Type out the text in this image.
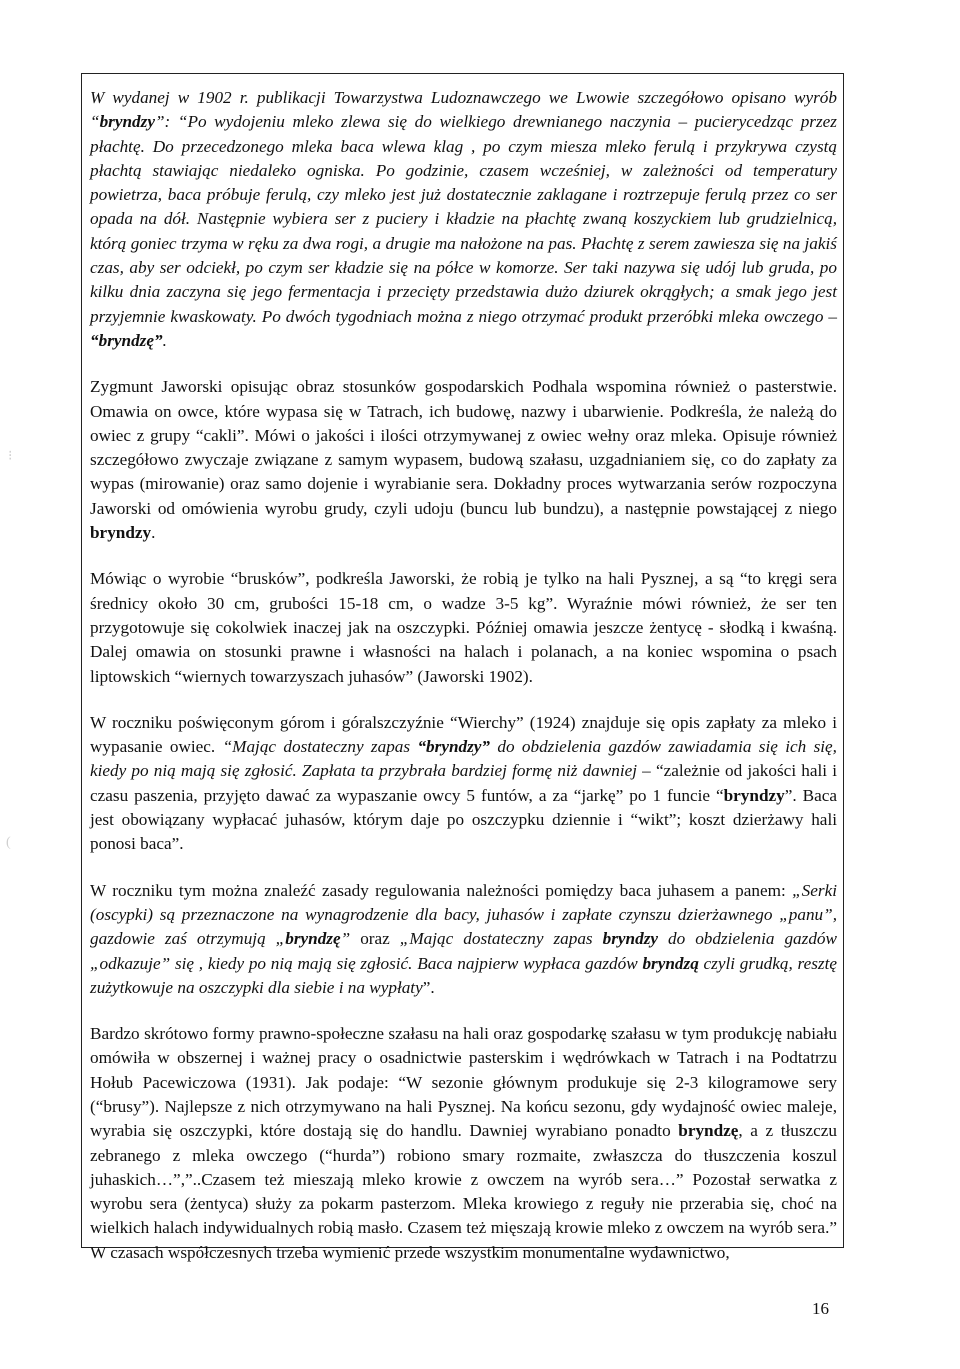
W wydanej w 1902 r. publikacji Towarzystwa Ludoznawczego we Lwowie szczegółowo opisano wyrób “bryndzy”: “Po wydojeniu mleko zlewa się do wielkiego drewnianego naczynia – pucierycedząc przez płachtę. Do przecedzonego mleka baca wlewa klag , po czym miesza mleko ferulą i przykrywa czystą płachtą stawiając niedaleko ogniska. Po godzinie, czasem wcześniej, w zależności od temperatury powietrza, baca próbuje ferulą, czy mleko jest już dostatecznie zaklagane i roztrzepuje ferulą przez co ser opada na dół. Następnie wybiera ser z puciery i kładzie na płachtę zwaną koszyckiem lub grudzielnicą, którą goniec trzyma w ręku za dwa rogi, a drugie ma nałożone na pas. Płachtę z serem zawiesza się na jakiś czas, aby ser odciekł, po czym ser kładzie się na półce w komorze. Ser taki nazywa się udój lub gruda, po kilku dnia zaczyna się jego fermentacja i przecięty przedstawia dużo dziurek okrągłych; a smak jego jest przyjemnie kwaskowaty. Po dwóch tygodniach można z niego otrzymać produkt przeróbki mleka owczego – “bryndzę”.

Zygmunt Jaworski opisując obraz stosunków gospodarskich Podhala wspomina również o pasterstwie. Omawia on owce, które wypasa się w Tatrach, ich budowę, nazwy i ubarwienie. Podkreśla, że należą do owiec z grupy “cakli”. Mówi o jakości i ilości otrzymywanej z owiec wełny oraz mleka. Opisuje również szczegółowo zwyczaje związane z samym wypasem, budową szałasu, uzgadnianiem się, co do zapłaty za wypas (mirowanie) oraz samo dojenie i wyrabianie sera. Dokładny proces wytwarzania serów rozpoczyna Jaworski od omówienia wyrobu grudy, czyli udoju (buncu lub bundzu), a następnie powstającej z niego bryndzy.

Mówiąc o wyrobie “brusków”, podkreśla Jaworski, że robią je tylko na hali Pysznej, a są “to kręgi sera średnicy około 30 cm, grubości 15-18 cm, o wadze 3-5 kg”. Wyraźnie mówi również, że ser ten przygotowuje się cokolwiek inaczej jak na oszczypki. Później omawia jeszcze żentycę - słodką i kwaśną. Dalej omawia on stosunki prawne i własności na halach i polanach, a na koniec wspomina o psach liptowskich “wiernych towarzyszach juhasów” (Jaworski 1902).

W roczniku poświęconym górom i góralszczyźnie “Wierchy” (1924) znajduje się opis zapłaty za mleko i wypasanie owiec. “Mając dostateczny zapas “bryndzy” do obdzielenia gazdów zawiadamia się ich się, kiedy po nią mają się zgłosić. Zapłata ta przybrała bardziej formę niż dawniej – “zależnie od jakości hali i czasu paszenia, przyjęto dawać za wypaszanie owcy 5 funtów, a za “jarkę” po 1 funcie “bryndzy”. Baca jest obowiązany wypłacać juhasów, którym daje po oszczypku dziennie i “wikt”; koszt dzierżawy hali ponosi baca”.

W roczniku tym można znaleźć zasady regulowania należności pomiędzy baca juhasem a panem: „Serki (oscypki) są przeznaczone na wynagrodzenie dla bacy, juhasów i zapłate czynszu dzierżawnego „panu”, gazdowie zaś otrzymują „bryndzę” oraz „Mając dostateczny zapas bryndzy do obdzielenia gazdów „odkazuje” się , kiedy po nią mają się zgłosić. Baca najpierw wypłaca gazdów bryndzą czyli grudką, resztę zużytkowuje na oszczypki dla siebie i na wypłaty”.

Bardzo skrótowo formy prawno-społeczne szałasu na hali oraz gospodarkę szałasu w tym produkcję nabiału omówiła w obszernej i ważnej pracy o osadnictwie pasterskim i wędrówkach w Tatrach i na Podtatrzu Hołub Pacewiczowa (1931). Jak podaje: “W sezonie głównym produkuje się 2-3 kilogramowe sery (“brusy”). Najlepsze z nich otrzymywano na hali Pysznej. Na końcu sezonu, gdy wydajność owiec maleje, wyrabia się oszczypki, które dostają się do handlu. Dawniej wyrabiano ponadto bryndzę, a z tłuszczu zebranego z mleka owczego (“hurda”) robiono smary rozmaite, zwłaszcza do tłuszczenia koszul juhaskich…”,”..Czasem też mieszają mleko krowie z owczem na wyrób sera…” Pozostał serwatka z wyrobu sera (żentyca) służy za pokarm pasterzom. Mleka krowiego z reguły nie przerabia się, choć na wielkich halach indywidualnych robią masło. Czasem też mięszają krowie mleko z owczem na wyrób sera.” W czasach współczesnych trzeba wymienić przede wszystkim monumentalne wydawnictwo,

⁝
(
16
